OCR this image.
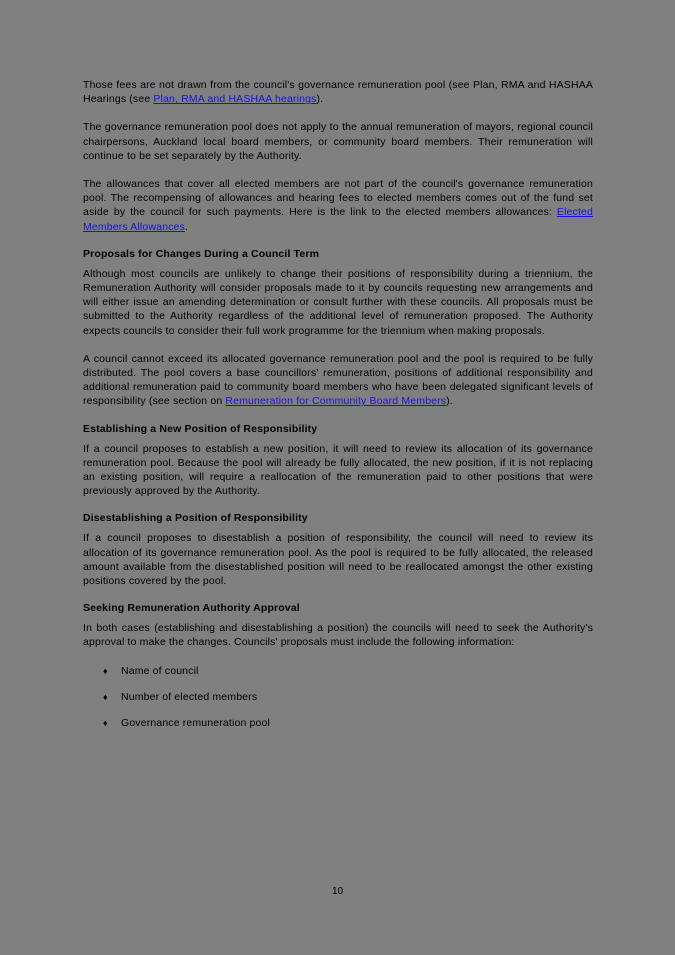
Those fees are not drawn from the council's governance remuneration pool (see Plan, RMA and HASHAA Hearings (see Plan, RMA and HASHAA hearings).

The governance remuneration pool does not apply to the annual remuneration of mayors, regional council chairpersons, Auckland local board members, or community board members. Their remuneration will continue to be set separately by the Authority.

The allowances that cover all elected members are not part of the council's governance remuneration pool. The recompensing of allowances and hearing fees to elected members comes out of the fund set aside by the council for such payments. Here is the link to the elected members allowances: Elected Members Allowances.

Proposals for Changes During a Council Term

Although most councils are unlikely to change their positions of responsibility during a triennium, the Remuneration Authority will consider proposals made to it by councils requesting new arrangements and will either issue an amending determination or consult further with these councils. All proposals must be submitted to the Authority regardless of the additional level of remuneration proposed. The Authority expects councils to consider their full work programme for the triennium when making proposals.

A council cannot exceed its allocated governance remuneration pool and the pool is required to be fully distributed. The pool covers a base councillors' remuneration, positions of additional responsibility and additional remuneration paid to community board members who have been delegated significant levels of responsibility (see section on Remuneration for Community Board Members).

Establishing a New Position of Responsibility

If a council proposes to establish a new position, it will need to review its allocation of its governance remuneration pool. Because the pool will already be fully allocated, the new position, if it is not replacing an existing position, will require a reallocation of the remuneration paid to other positions that were previously approved by the Authority.

Disestablishing a Position of Responsibility

If a council proposes to disestablish a position of responsibility, the council will need to review its allocation of its governance remuneration pool. As the pool is required to be fully allocated, the released amount available from the disestablished position will need to be reallocated amongst the other existing positions covered by the pool.

Seeking Remuneration Authority Approval

In both cases (establishing and disestablishing a position) the councils will need to seek the Authority's approval to make the changes. Councils' proposals must include the following information:

♦ Name of council
♦ Number of elected members
♦ Governance remuneration pool
10
